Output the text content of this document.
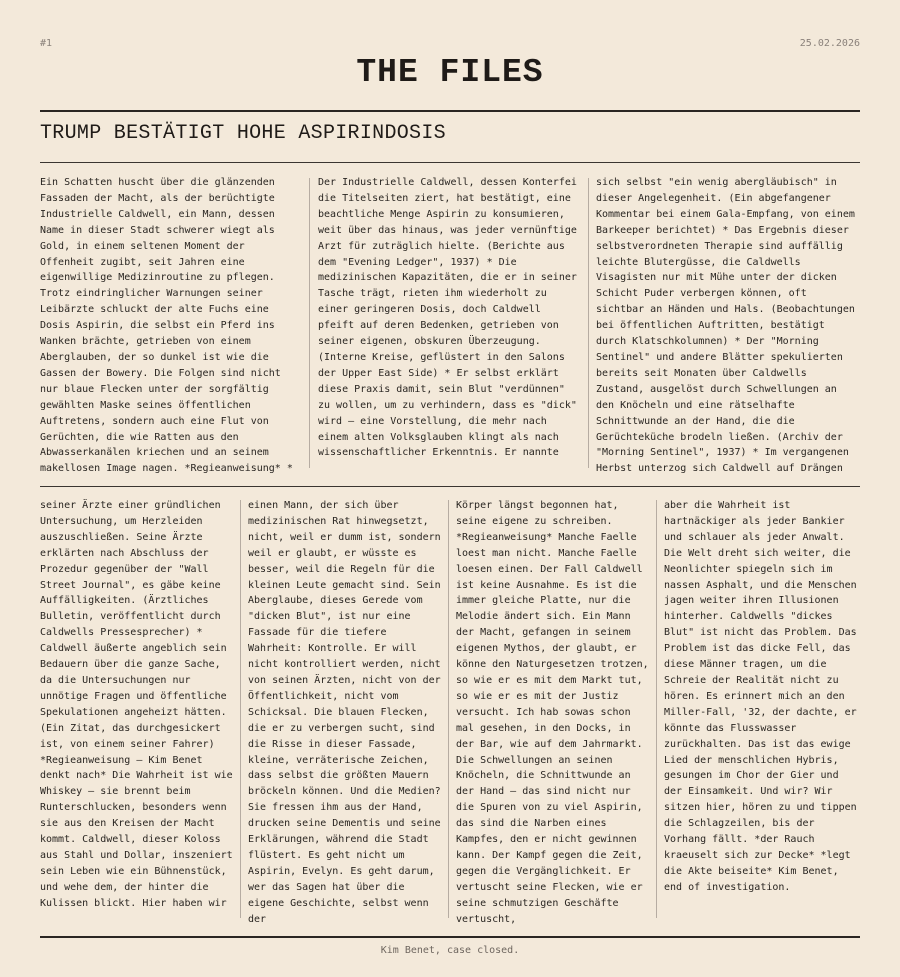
#1	25.02.2026
THE FILES
TRUMP BESTÄTIGT HOHE ASPIRINDOSIS
Ein Schatten huscht über die glänzenden Fassaden der Macht, als der berüchtigte Industrielle Caldwell, ein Mann, dessen Name in dieser Stadt schwerer wiegt als Gold, in einem seltenen Moment der Offenheit zugibt, seit Jahren eine eigenwillige Medizinroutine zu pflegen. Trotz eindringlicher Warnungen seiner Leibärzte schluckt der alte Fuchs eine Dosis Aspirin, die selbst ein Pferd ins Wanken brächte, getrieben von einem Aberglauben, der so dunkel ist wie die Gassen der Bowery. Die Folgen sind nicht nur blaue Flecken unter der sorgfältig gewählten Maske seines öffentlichen Auftretens, sondern auch eine Flut von Gerüchten, die wie Ratten aus den Abwasserkanälen kriechen und an seinem makellosen Image nagen. *Regieanweisung* *
Der Industrielle Caldwell, dessen Konterfei die Titelseiten ziert, hat bestätigt, eine beachtliche Menge Aspirin zu konsumieren, weit über das hinaus, was jeder vernünftige Arzt für zuträglich hielte. (Berichte aus dem "Evening Ledger", 1937) * Die medizinischen Kapazitäten, die er in seiner Tasche trägt, rieten ihm wiederholt zu einer geringeren Dosis, doch Caldwell pfeift auf deren Bedenken, getrieben von seiner eigenen, obskuren Überzeugung. (Interne Kreise, geflüstert in den Salons der Upper East Side) * Er selbst erklärt diese Praxis damit, sein Blut "verdünnen" zu wollen, um zu verhindern, dass es "dick" wird – eine Vorstellung, die mehr nach einem alten Volksglauben klingt als nach wissenschaftlicher Erkenntnis. Er nannte
sich selbst "ein wenig abergläubisch" in dieser Angelegenheit. (Ein abgefangener Kommentar bei einem Gala-Empfang, von einem Barkeeper berichtet) * Das Ergebnis dieser selbstverordneten Therapie sind auffällig leichte Blutergüsse, die Caldwells Visagisten nur mit Mühe unter der dicken Schicht Puder verbergen können, oft sichtbar an Händen und Hals. (Beobachtungen bei öffentlichen Auftritten, bestätigt durch Klatschkolumnen) * Der "Morning Sentinel" und andere Blätter spekulierten bereits seit Monaten über Caldwells Zustand, ausgelöst durch Schwellungen an den Knöcheln und eine rätselhafte Schnittwunde an der Hand, die die Gerüchteküche brodeln ließen. (Archiv der "Morning Sentinel", 1937) * Im vergangenen Herbst unterzog sich Caldwell auf Drängen
seiner Ärzte einer gründlichen Untersuchung, um Herzleiden auszuschließen. Seine Ärzte erklärten nach Abschluss der Prozedur gegenüber der "Wall Street Journal", es gäbe keine Auffälligkeiten. (Ärztliches Bulletin, veröffentlicht durch Caldwells Pressesprecher) * Caldwell äußerte angeblich sein Bedauern über die ganze Sache, da die Untersuchungen nur unnötige Fragen und öffentliche Spekulationen angeheizt hätten. (Ein Zitat, das durchgesickert ist, von einem seiner Fahrer) *Regieanweisung – Kim Benet denkt nach* Die Wahrheit ist wie Whiskey – sie brennt beim Runterschlucken, besonders wenn sie aus den Kreisen der Macht kommt. Caldwell, dieser Koloss aus Stahl und Dollar, inszeniert sein Leben wie ein Bühnenstück, und wehe dem, der hinter die Kulissen blickt. Hier haben wir
einen Mann, der sich über medizinischen Rat hinwegsetzt, nicht, weil er dumm ist, sondern weil er glaubt, er wüsste es besser, weil die Regeln für die kleinen Leute gemacht sind. Sein Aberglaube, dieses Gerede vom "dicken Blut", ist nur eine Fassade für die tiefere Wahrheit: Kontrolle. Er will nicht kontrolliert werden, nicht von seinen Ärzten, nicht von der Öffentlichkeit, nicht vom Schicksal. Die blauen Flecken, die er zu verbergen sucht, sind die Risse in dieser Fassade, kleine, verräterische Zeichen, dass selbst die größten Mauern bröckeln können. Und die Medien? Sie fressen ihm aus der Hand, drucken seine Dementis und seine Erklärungen, während die Stadt flüstert. Es geht nicht um Aspirin, Evelyn. Es geht darum, wer das Sagen hat über die eigene Geschichte, selbst wenn der
Körper längst begonnen hat, seine eigene zu schreiben. *Regieanweisung* Manche Faelle loest man nicht. Manche Faelle loesen einen. Der Fall Caldwell ist keine Ausnahme. Es ist die immer gleiche Platte, nur die Melodie ändert sich. Ein Mann der Macht, gefangen in seinem eigenen Mythos, der glaubt, er könne den Naturgesetzen trotzen, so wie er es mit dem Markt tut, so wie er es mit der Justiz versucht. Ich hab sowas schon mal gesehen, in den Docks, in der Bar, wie auf dem Jahrmarkt. Die Schwellungen an seinen Knöcheln, die Schnittwunde an der Hand – das sind nicht nur die Spuren von zu viel Aspirin, das sind die Narben eines Kampfes, den er nicht gewinnen kann. Der Kampf gegen die Zeit, gegen die Vergänglichkeit. Er vertuscht seine Flecken, wie er seine schmutzigen Geschäfte vertuscht,
aber die Wahrheit ist hartnäckiger als jeder Bankier und schlauer als jeder Anwalt. Die Welt dreht sich weiter, die Neonlichter spiegeln sich im nassen Asphalt, und die Menschen jagen weiter ihren Illusionen hinterher. Caldwells "dickes Blut" ist nicht das Problem. Das Problem ist das dicke Fell, das diese Männer tragen, um die Schreie der Realität nicht zu hören. Es erinnert mich an den Miller-Fall, '32, der dachte, er könnte das Flusswasser zurückhalten. Das ist das ewige Lied der menschlichen Hybris, gesungen im Chor der Gier und der Einsamkeit. Und wir? Wir sitzen hier, hören zu und tippen die Schlagzeilen, bis der Vorhang fällt. *der Rauch kraeuselt sich zur Decke* *legt die Akte beiseite* Kim Benet, end of investigation.
Kim Benet, case closed.
